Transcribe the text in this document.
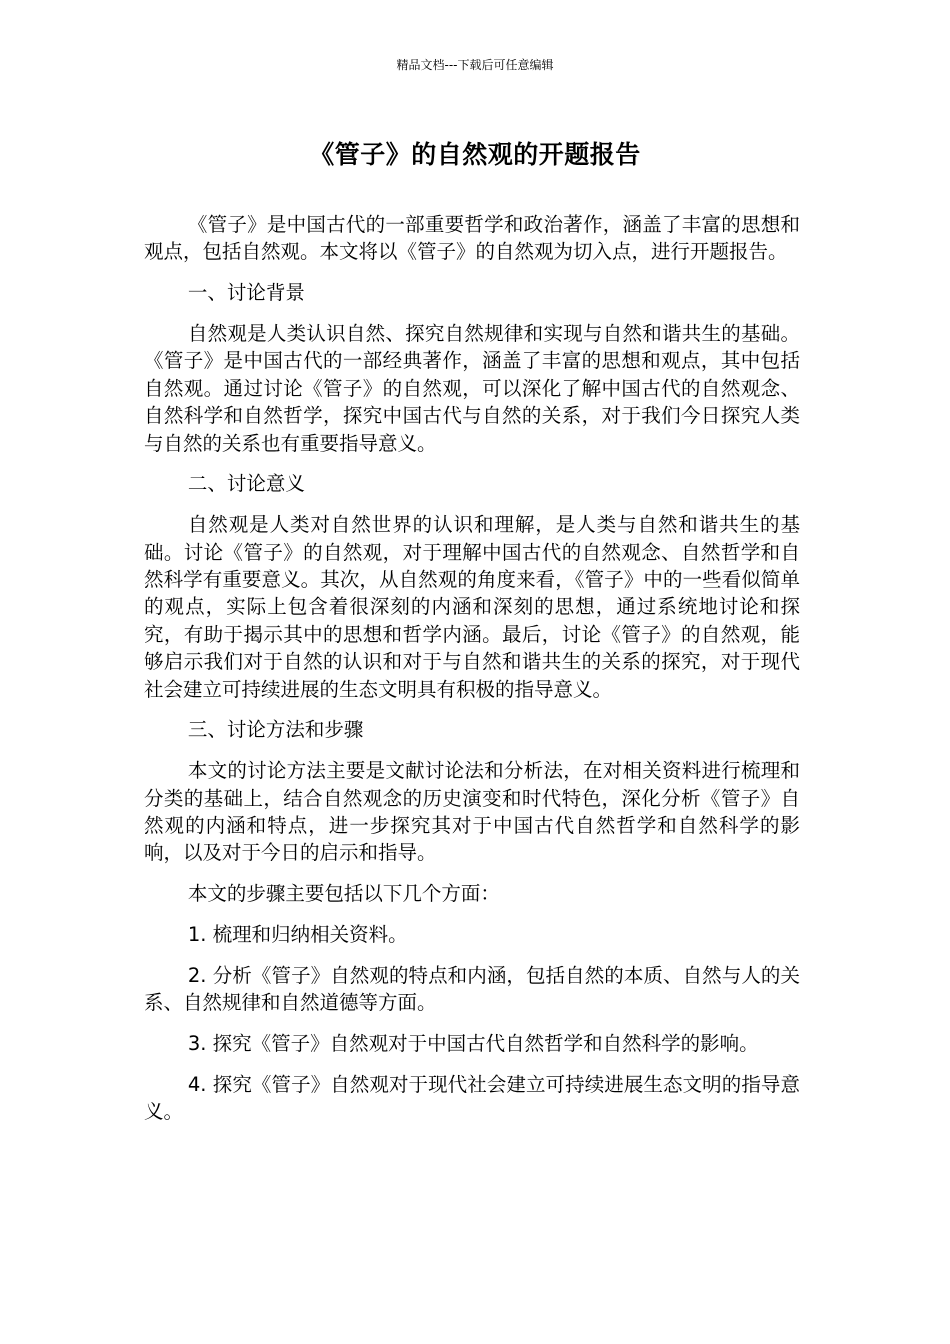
精品文档---下载后可任意编辑
《管子》的自然观的开题报告

《管子》是中国古代的一部重要哲学和政治著作，涵盖了丰富的思想和观点，包括自然观。本文将以《管子》的自然观为切入点，进行开题报告。

一、讨论背景

自然观是人类认识自然、探究自然规律和实现与自然和谐共生的基础。《管子》是中国古代的一部经典著作，涵盖了丰富的思想和观点，其中包括自然观。通过讨论《管子》的自然观，可以深化了解中国古代的自然观念、自然科学和自然哲学，探究中国古代与自然的关系，对于我们今日探究人类与自然的关系也有重要指导意义。

二、讨论意义

自然观是人类对自然世界的认识和理解，是人类与自然和谐共生的基础。讨论《管子》的自然观，对于理解中国古代的自然观念、自然哲学和自然科学有重要意义。其次，从自然观的角度来看，《管子》中的一些看似简单的观点，实际上包含着很深刻的内涵和深刻的思想，通过系统地讨论和探究，有助于揭示其中的思想和哲学内涵。最后，讨论《管子》的自然观，能够启示我们对于自然的认识和对于与自然和谐共生的关系的探究，对于现代社会建立可持续进展的生态文明具有积极的指导意义。

三、讨论方法和步骤

本文的讨论方法主要是文献讨论法和分析法，在对相关资料进行梳理和分类的基础上，结合自然观念的历史演变和时代特色，深化分析《管子》自然观的内涵和特点，进一步探究其对于中国古代自然哲学和自然科学的影响，以及对于今日的启示和指导。

本文的步骤主要包括以下几个方面：

1. 梳理和归纳相关资料。

2. 分析《管子》自然观的特点和内涵，包括自然的本质、自然与人的关系、自然规律和自然道德等方面。

3. 探究《管子》自然观对于中国古代自然哲学和自然科学的影响。

4. 探究《管子》自然观对于现代社会建立可持续进展生态文明的指导意义。
